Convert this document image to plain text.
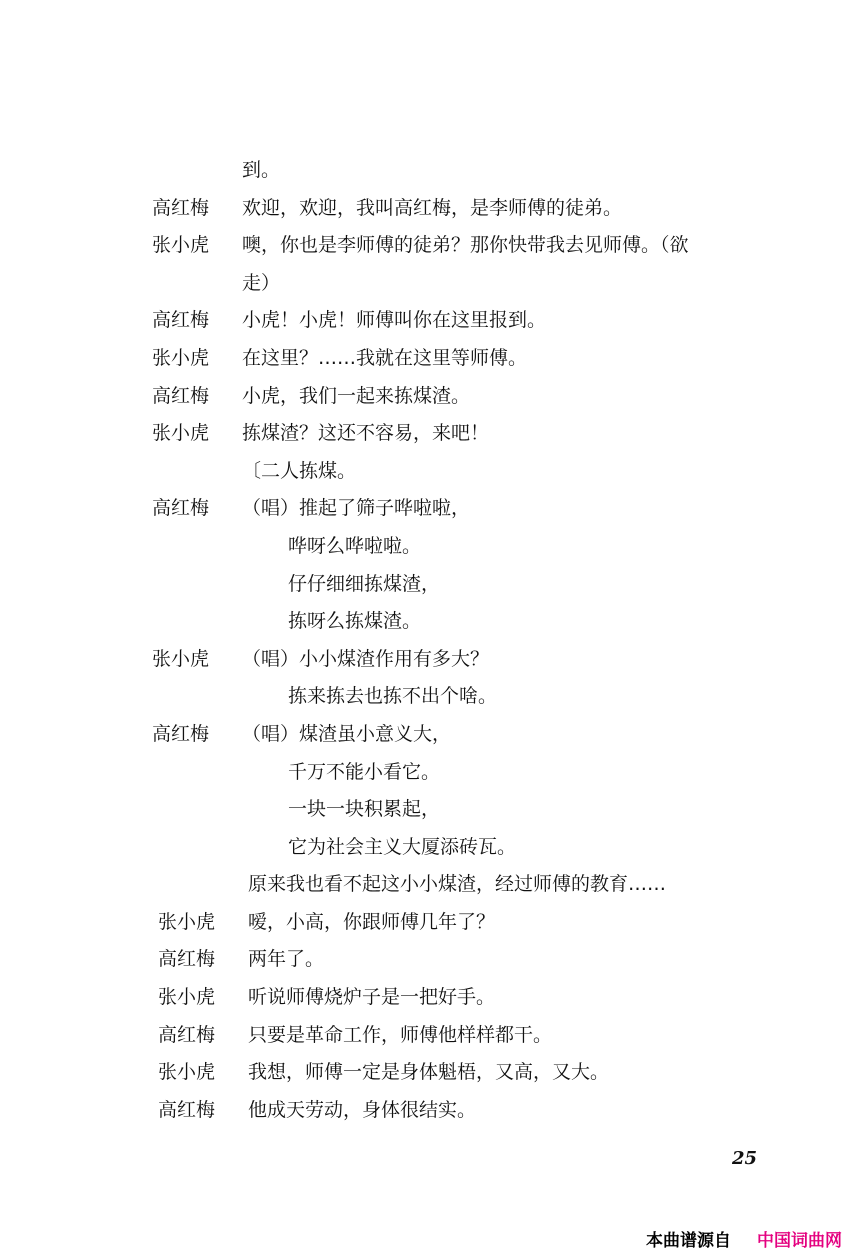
到。
高红梅 欢迎，欢迎，我叫高红梅，是李师傅的徒弟。
张小虎 噢，你也是李师傅的徒弟？那你快带我去见师傅。（欲
走）
高红梅 小虎！小虎！师傅叫你在这里报到。
张小虎 在这里？……我就在这里等师傅。
高红梅 小虎，我们一起来拣煤渣。
张小虎 拣煤渣？这还不容易，来吧！
〔二人拣煤。
高红梅 （唱）推起了筛子哗啦啦，
哗呀么哗啦啦。
仔仔细细拣煤渣，
拣呀么拣煤渣。
张小虎 （唱）小小煤渣作用有多大？
拣来拣去也拣不出个啥。
高红梅 （唱）煤渣虽小意义大，
千万不能小看它。
一块一块积累起，
它为社会主义大厦添砖瓦。
原来我也看不起这小小煤渣，经过师傅的教育……
张小虎 嗳，小高，你跟师傅几年了？
高红梅 两年了。
张小虎 听说师傅烧炉子是一把好手。
高红梅 只要是革命工作，师傅他样样都干。
张小虎 我想，师傅一定是身体魁梧，又高，又大。
高红梅 他成天劳动，身体很结实。
25
本曲谱源自 中国词曲网
